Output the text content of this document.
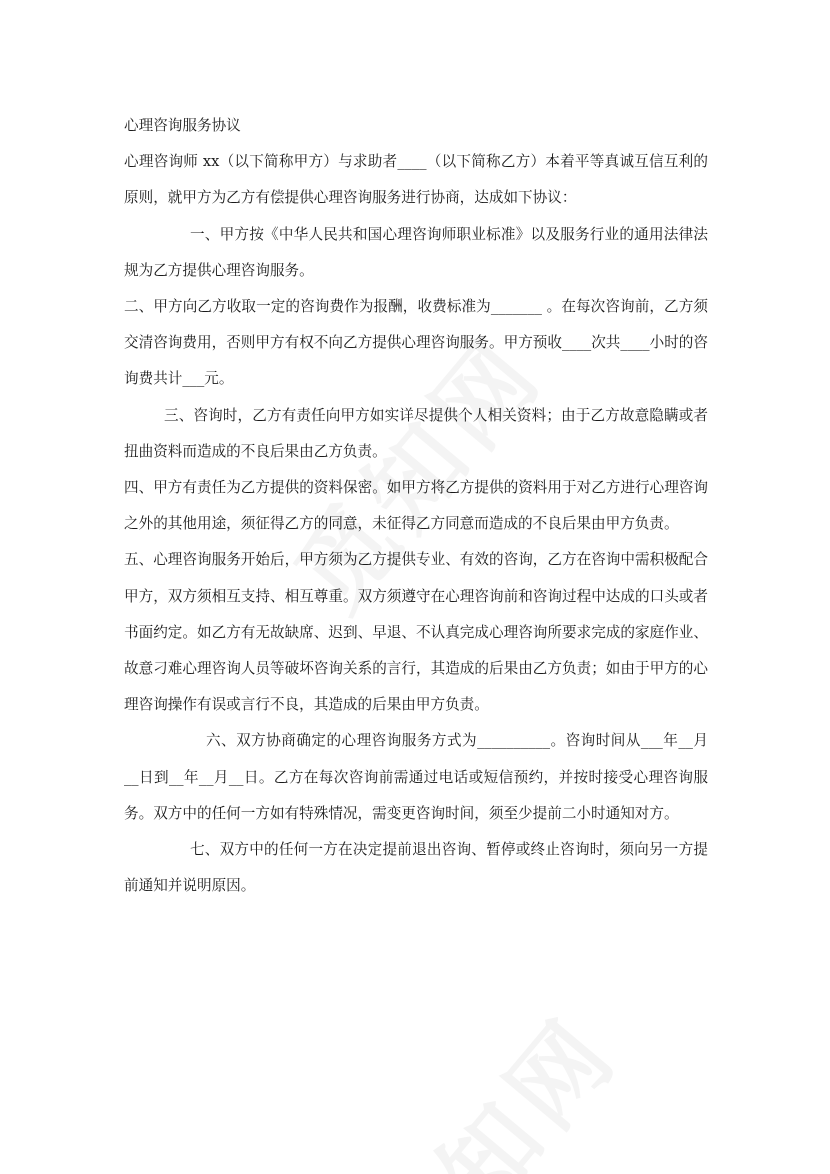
心理咨询服务协议

心理咨询师 xx（以下简称甲方）与求助者____（以下简称乙方）本着平等真诚互信互利的原则，就甲方为乙方有偿提供心理咨询服务进行协商，达成如下协议：

一、甲方按《中华人民共和国心理咨询师职业标准》以及服务行业的通用法律法规为乙方提供心理咨询服务。

二、甲方向乙方收取一定的咨询费作为报酬，收费标准为_______ 。在每次咨询前，乙方须交清咨询费用，否则甲方有权不向乙方提供心理咨询服务。甲方预收____次共____小时的咨询费共计___元。

三、咨询时，乙方有责任向甲方如实详尽提供个人相关资料；由于乙方故意隐瞒或者扭曲资料而造成的不良后果由乙方负责。

四、甲方有责任为乙方提供的资料保密。如甲方将乙方提供的资料用于对乙方进行心理咨询之外的其他用途，须征得乙方的同意，未征得乙方同意而造成的不良后果由甲方负责。

五、心理咨询服务开始后，甲方须为乙方提供专业、有效的咨询，乙方在咨询中需积极配合甲方，双方须相互支持、相互尊重。双方须遵守在心理咨询前和咨询过程中达成的口头或者书面约定。如乙方有无故缺席、迟到、早退、不认真完成心理咨询所要求完成的家庭作业、故意刁难心理咨询人员等破坏咨询关系的言行，其造成的后果由乙方负责；如由于甲方的心理咨询操作有误或言行不良，其造成的后果由甲方负责。

六、双方协商确定的心理咨询服务方式为__________。咨询时间从___年__月__日到__年__月__日。乙方在每次咨询前需通过电话或短信预约，并按时接受心理咨询服务。双方中的任何一方如有特殊情况，需变更咨询时间，须至少提前二小时通知对方。

七、双方中的任何一方在决定提前退出咨询、暂停或终止咨询时，须向另一方提前通知并说明原因。
